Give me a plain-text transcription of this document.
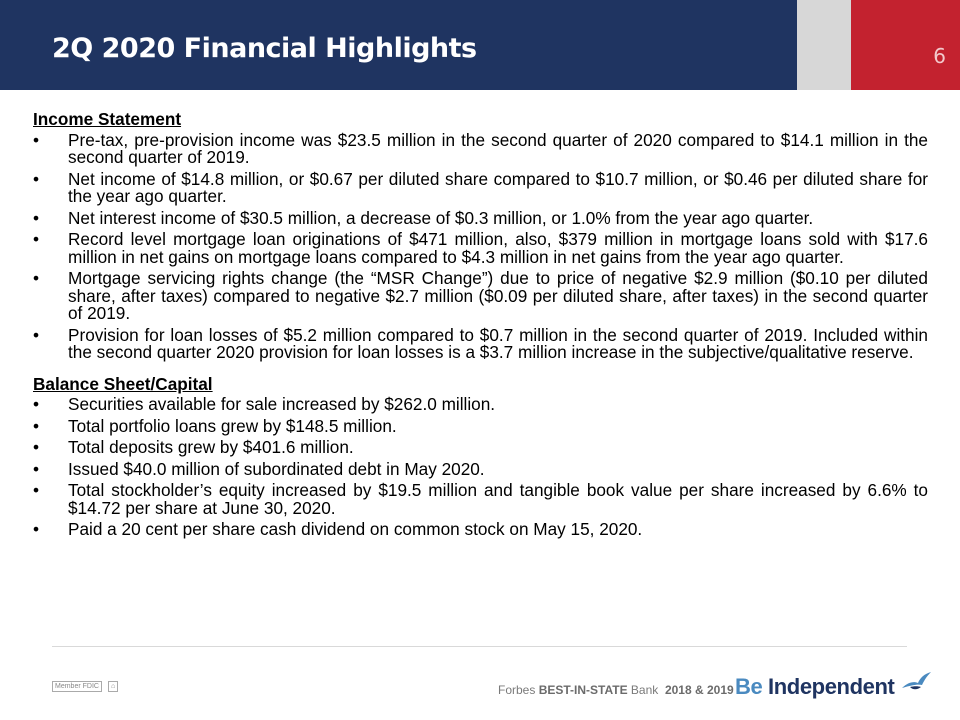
2Q 2020 Financial Highlights	6
Income Statement
• Pre-tax, pre-provision income was $23.5 million in the second quarter of 2020 compared to $14.1 million in the second quarter of 2019.
• Net income of $14.8 million, or $0.67 per diluted share compared to $10.7 million, or $0.46 per diluted share for the year ago quarter.
• Net interest income of $30.5 million, a decrease of $0.3 million, or 1.0% from the year ago quarter.
• Record level mortgage loan originations of $471 million, also, $379 million in mortgage loans sold with $17.6 million in net gains on mortgage loans compared to $4.3 million in net gains from the year ago quarter.
• Mortgage servicing rights change (the “MSR Change”) due to price of negative $2.9 million ($0.10 per diluted share, after taxes) compared to negative $2.7 million ($0.09 per diluted share, after taxes) in the second quarter of 2019.
• Provision for loan losses of $5.2 million compared to $0.7 million in the second quarter of 2019. Included within the second quarter 2020 provision for loan losses is a $3.7 million increase in the subjective/qualitative reserve.
Balance Sheet/Capital
• Securities available for sale increased by $262.0 million.
• Total portfolio loans grew by $148.5 million.
• Total deposits grew by $401.6 million.
• Issued $40.0 million of subordinated debt in May 2020.
• Total stockholder’s equity increased by $19.5 million and tangible book value per share increased by 6.6% to $14.72 per share at June 30, 2020.
• Paid a 20 cent per share cash dividend on common stock on May 15, 2020.
Member FDIC	⌂	Forbes BEST-IN-STATE Bank 2018 & 2019 Be Independent
